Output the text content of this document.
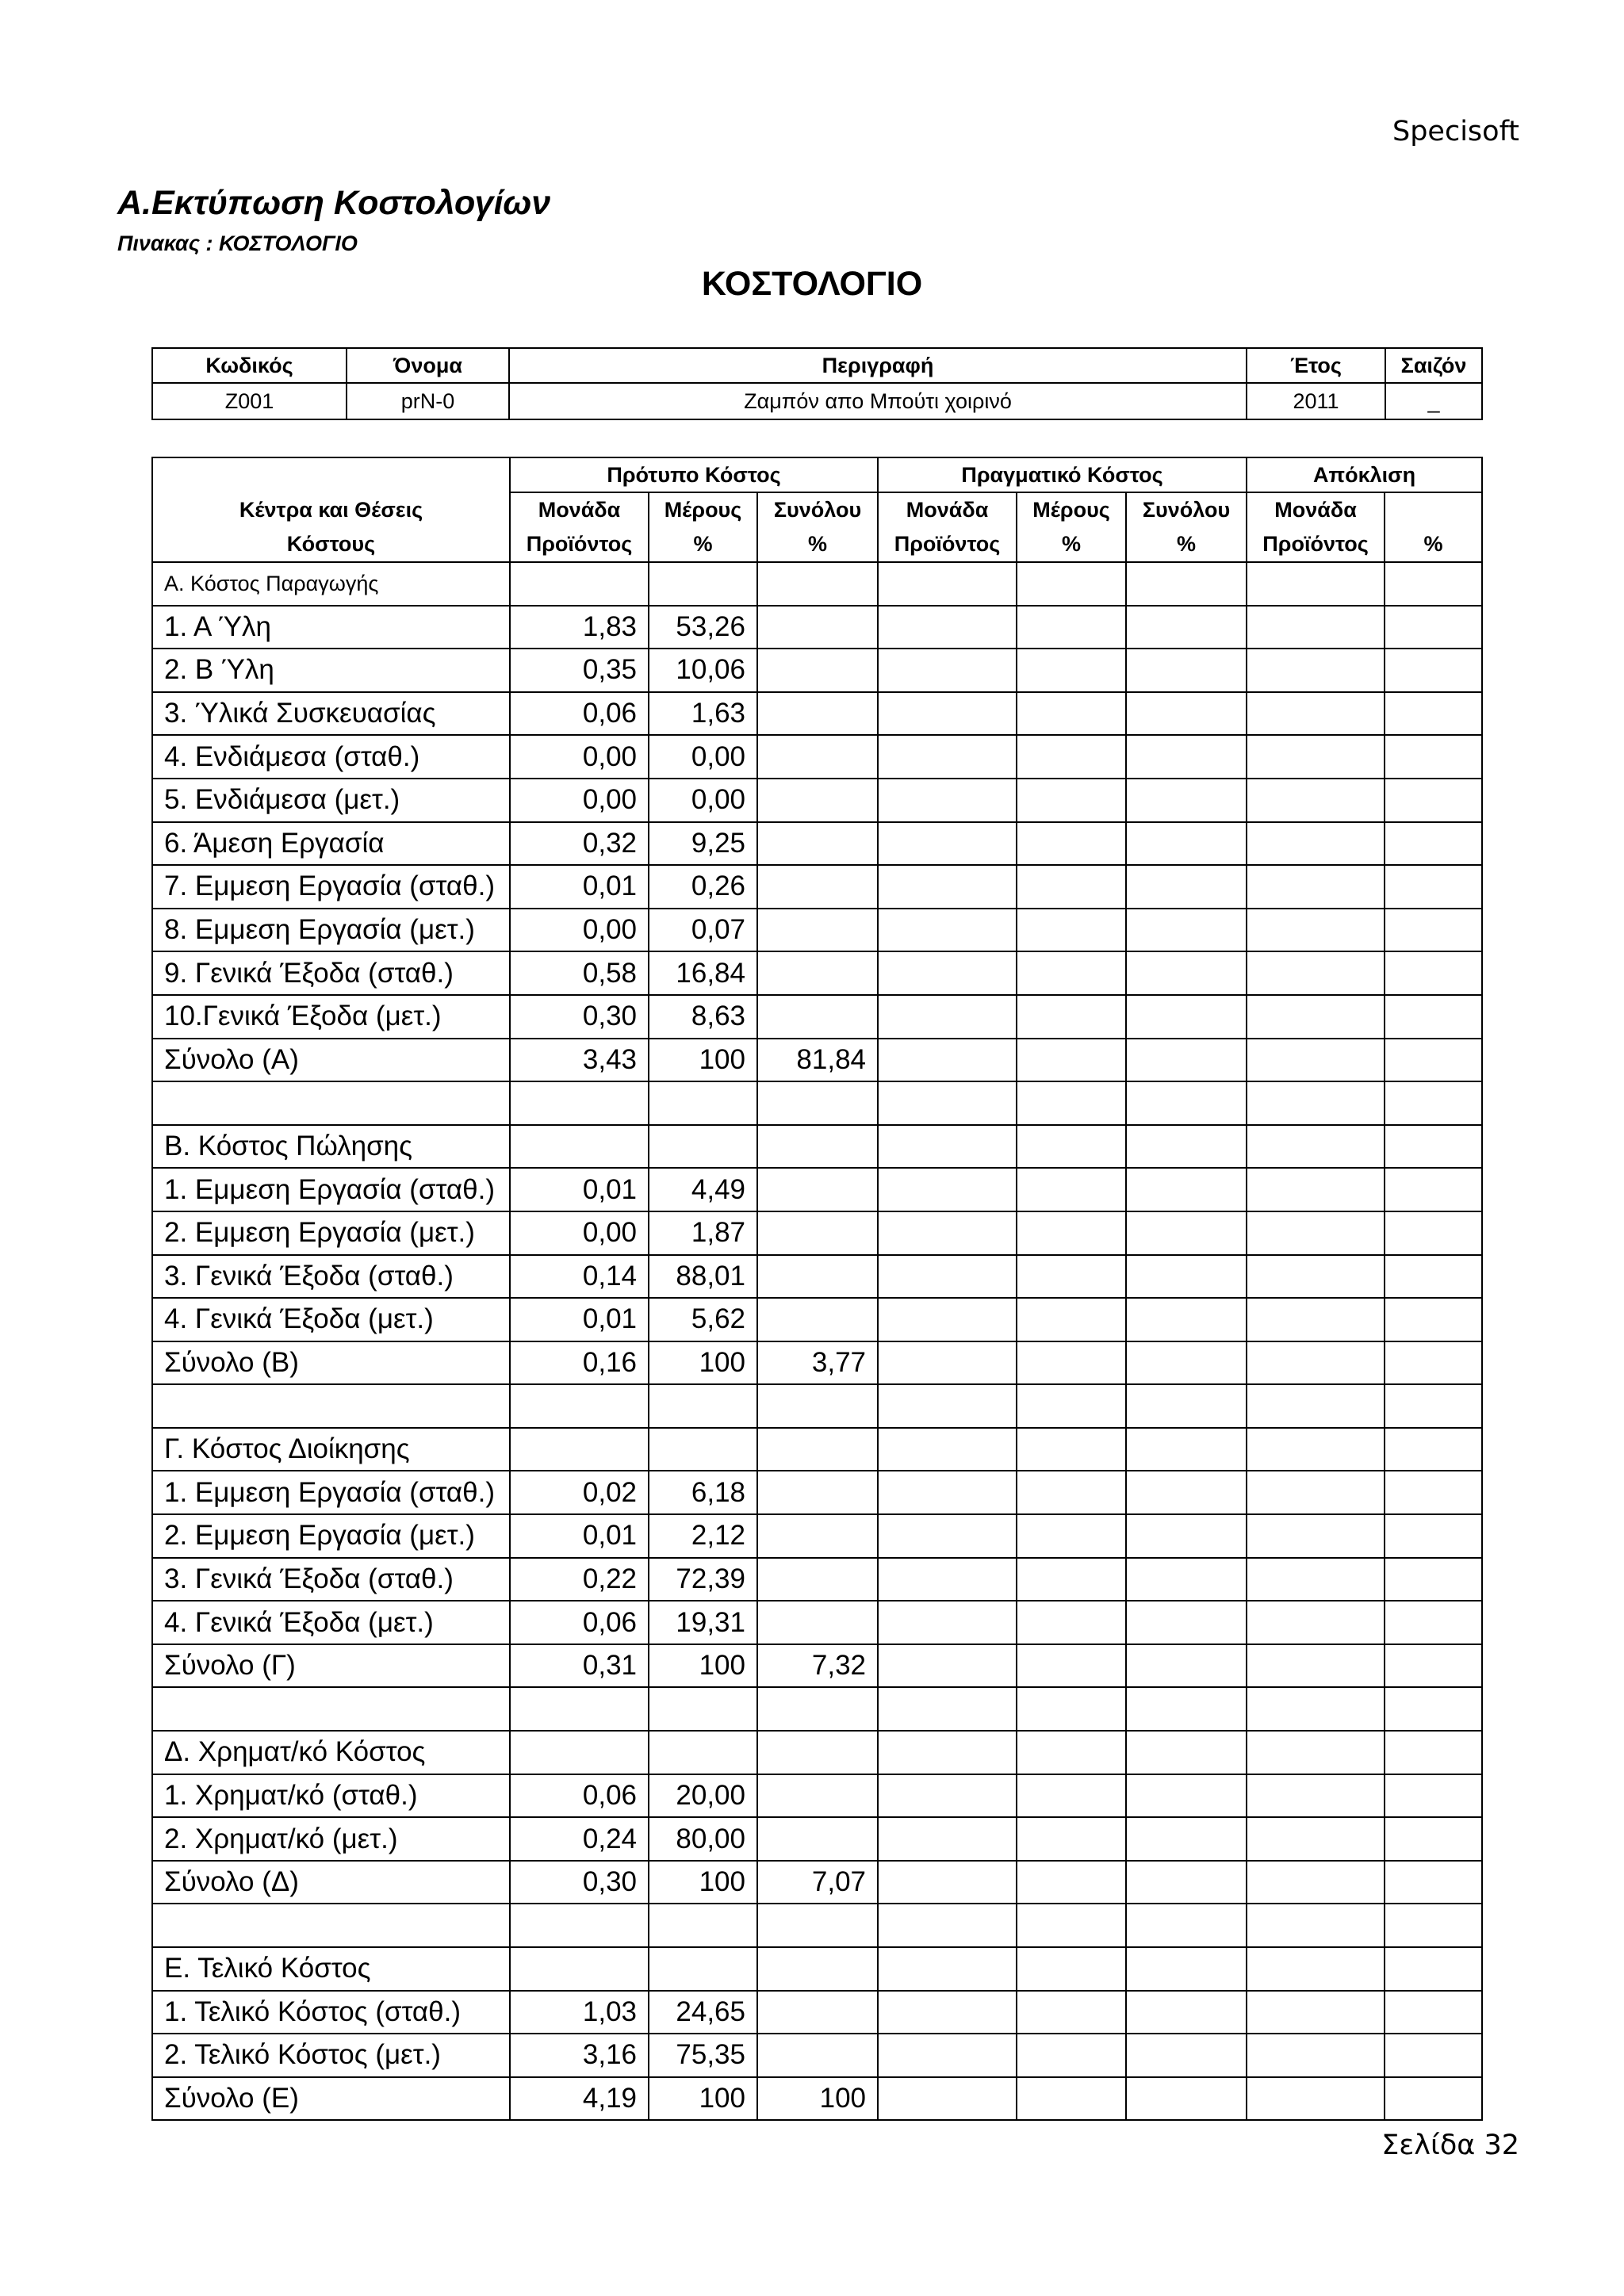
Specisoft
Α.Εκτύπωση Κοστολογίων
Πινακας : ΚΟΣΤΟΛΟΓΙΟ
ΚΟΣΤΟΛΟΓΙΟ
Κωδικός	Όνομα	Περιγραφή	Έτος	Σαιζόν
Z001	prN-0	Ζαμπόν απο Μπούτι χοιρινό	2011	_
	Πρότυπο Κόστος			Πραγματικό Κόστος			Απόκλιση	
Κέντρα και Θέσεις	Μονάδα	Μέρους	Συνόλου	Μονάδα	Μέρους	Συνόλου	Μονάδα	
Κόστους	Προϊόντος	%	%	Προϊόντος	%	%	Προϊόντος	%
Α. Κόστος Παραγωγής								
1. Α Ύλη	1,83	53,26						
2. Β Ύλη	0,35	10,06						
3. Ύλικά Συσκευασίας	0,06	1,63						
4. Ενδιάμεσα (σταθ.)	0,00	0,00						
5. Ενδιάμεσα (μετ.)	0,00	0,00						
6. Άμεση Εργασία	0,32	9,25						
7. Εμμεση Εργασία (σταθ.)	0,01	0,26						
8. Εμμεση Εργασία (μετ.)	0,00	0,07						
9. Γενικά Έξοδα (σταθ.)	0,58	16,84						
10.Γενικά Έξοδα (μετ.)	0,30	8,63						
Σύνολο (Α)	3,43	100	81,84					

Β. Κόστος Πώλησης								
1. Εμμεση Εργασία (σταθ.)	0,01	4,49						
2. Εμμεση Εργασία (μετ.)	0,00	1,87						
3. Γενικά Έξοδα (σταθ.)	0,14	88,01						
4. Γενικά Έξοδα (μετ.)	0,01	5,62						
Σύνολο (Β)	0,16	100	3,77					

Γ. Κόστος Διοίκησης								
1. Εμμεση Εργασία (σταθ.)	0,02	6,18						
2. Εμμεση Εργασία (μετ.)	0,01	2,12						
3. Γενικά Έξοδα (σταθ.)	0,22	72,39						
4. Γενικά Έξοδα (μετ.)	0,06	19,31						
Σύνολο (Γ)	0,31	100	7,32					

Δ. Χρηματ/κό Κόστος								
1. Χρηματ/κό (σταθ.)	0,06	20,00						
2. Χρηματ/κό (μετ.)	0,24	80,00						
Σύνολο (Δ)	0,30	100	7,07					

Ε. Τελικό Κόστος								
1. Τελικό Κόστος (σταθ.)	1,03	24,65						
2. Τελικό Κόστος (μετ.)	3,16	75,35						
Σύνολο (Ε)	4,19	100	100					
Σελίδα 32
